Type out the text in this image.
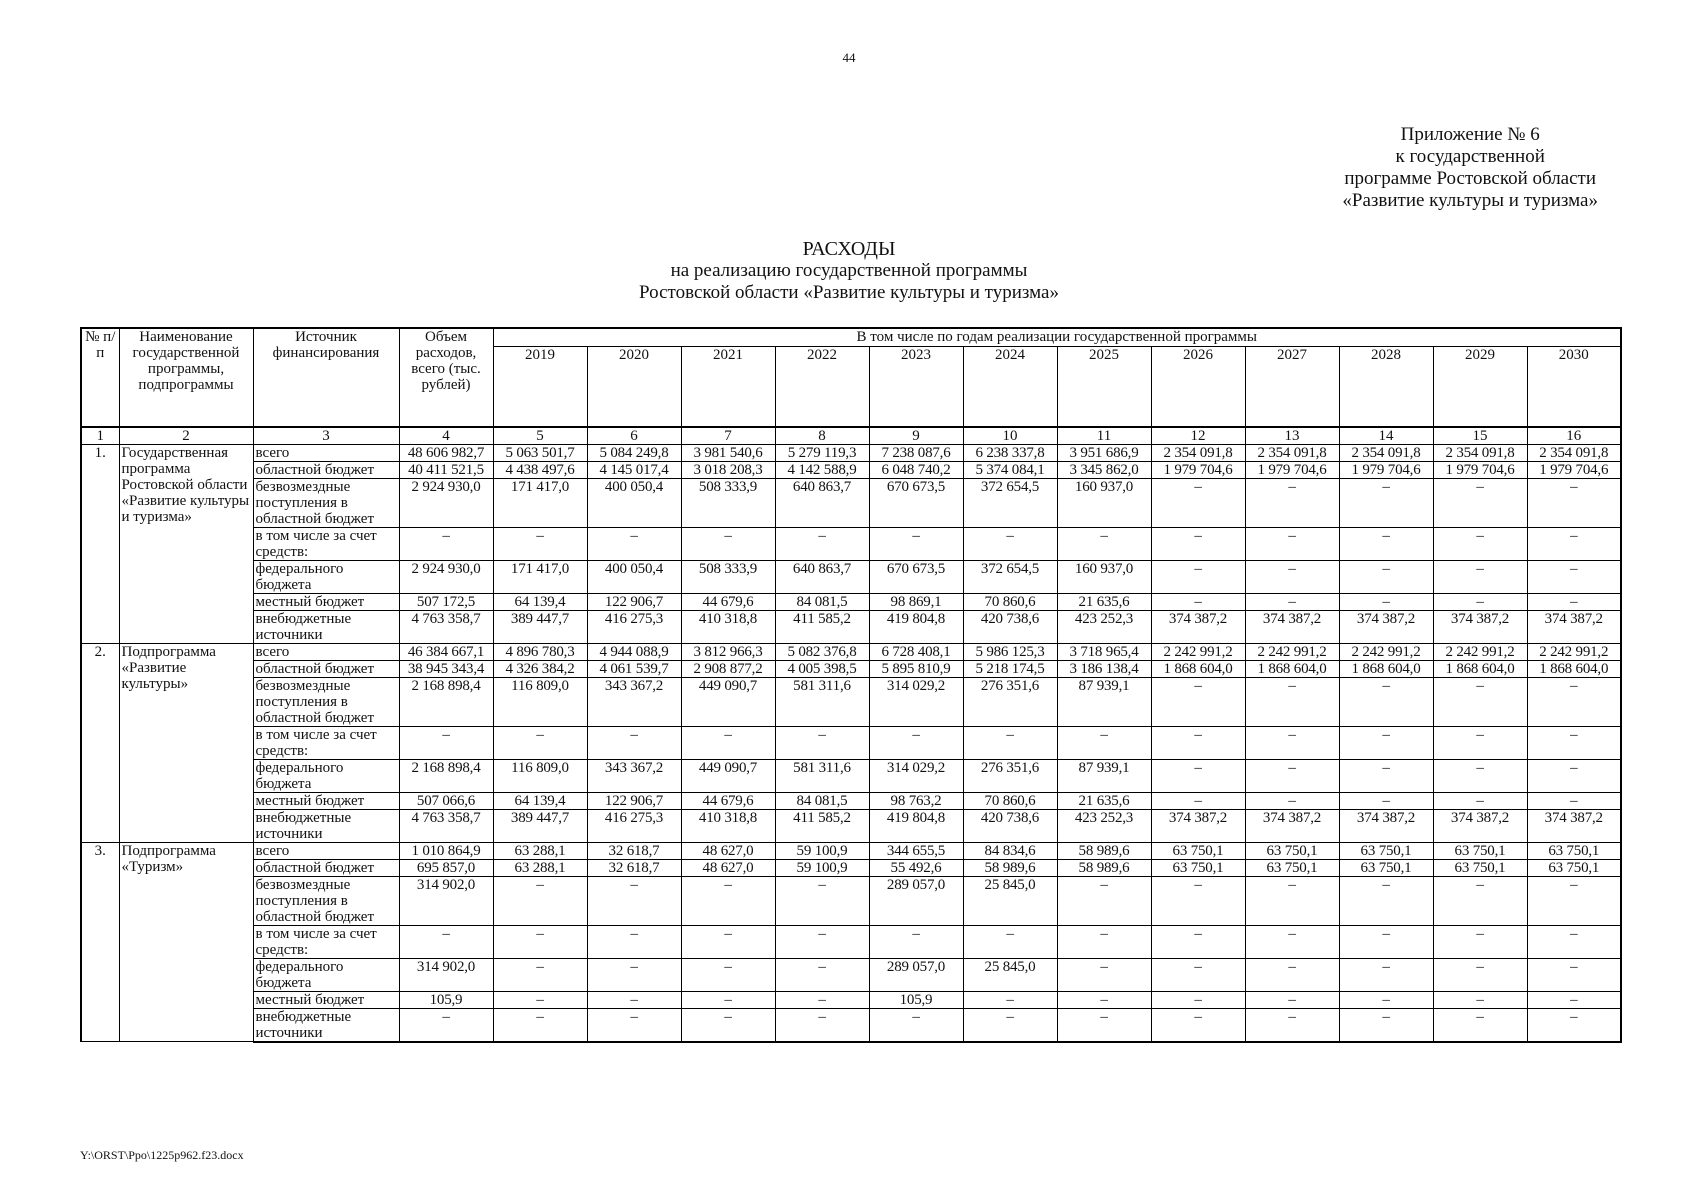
44
Приложение № 6
к государственной
программе Ростовской области
«Развитие культуры и туризма»
РАСХОДЫ
на реализацию государственной программы
Ростовской области «Развитие культуры и туризма»
№ п/п	Наименование государственной программы, подпрограммы	Источник финансирования	Объем расходов, всего (тыс. рублей)	В том числе по годам реализации государственной программы											
				2019	2020	2021	2022	2023	2024	2025	2026	2027	2028	2029	2030
1	2	3	4	5	6	7	8	9	10	11	12	13	14	15	16
1.	Государственная программа Ростовской области «Развитие культуры и туризма»	всего	48 606 982,7	5 063 501,7	5 084 249,8	3 981 540,6	5 279 119,3	7 238 087,6	6 238 337,8	3 951 686,9	2 354 091,8	2 354 091,8	2 354 091,8	2 354 091,8	2 354 091,8
		областной бюджет	40 411 521,5	4 438 497,6	4 145 017,4	3 018 208,3	4 142 588,9	6 048 740,2	5 374 084,1	3 345 862,0	1 979 704,6	1 979 704,6	1 979 704,6	1 979 704,6	1 979 704,6
		безвозмездные поступления в областной бюджет	2 924 930,0	171 417,0	400 050,4	508 333,9	640 863,7	670 673,5	372 654,5	160 937,0	–	–	–	–	–
		в том числе за счет средств:	–	–	–	–	–	–	–	–	–	–	–	–	–
		федерального бюджета	2 924 930,0	171 417,0	400 050,4	508 333,9	640 863,7	670 673,5	372 654,5	160 937,0	–	–	–	–	–
		местный бюджет	507 172,5	64 139,4	122 906,7	44 679,6	84 081,5	98 869,1	70 860,6	21 635,6	–	–	–	–	–
		внебюджетные источники	4 763 358,7	389 447,7	416 275,3	410 318,8	411 585,2	419 804,8	420 738,6	423 252,3	374 387,2	374 387,2	374 387,2	374 387,2	374 387,2
2.	Подпрограмма «Развитие культуры»	всего	46 384 667,1	4 896 780,3	4 944 088,9	3 812 966,3	5 082 376,8	6 728 408,1	5 986 125,3	3 718 965,4	2 242 991,2	2 242 991,2	2 242 991,2	2 242 991,2	2 242 991,2
		областной бюджет	38 945 343,4	4 326 384,2	4 061 539,7	2 908 877,2	4 005 398,5	5 895 810,9	5 218 174,5	3 186 138,4	1 868 604,0	1 868 604,0	1 868 604,0	1 868 604,0	1 868 604,0
		безвозмездные поступления в областной бюджет	2 168 898,4	116 809,0	343 367,2	449 090,7	581 311,6	314 029,2	276 351,6	87 939,1	–	–	–	–	–
		в том числе за счет средств:	–	–	–	–	–	–	–	–	–	–	–	–	–
		федерального бюджета	2 168 898,4	116 809,0	343 367,2	449 090,7	581 311,6	314 029,2	276 351,6	87 939,1	–	–	–	–	–
		местный бюджет	507 066,6	64 139,4	122 906,7	44 679,6	84 081,5	98 763,2	70 860,6	21 635,6	–	–	–	–	–
		внебюджетные источники	4 763 358,7	389 447,7	416 275,3	410 318,8	411 585,2	419 804,8	420 738,6	423 252,3	374 387,2	374 387,2	374 387,2	374 387,2	374 387,2
3.	Подпрограмма «Туризм»	всего	1 010 864,9	63 288,1	32 618,7	48 627,0	59 100,9	344 655,5	84 834,6	58 989,6	63 750,1	63 750,1	63 750,1	63 750,1	63 750,1
		областной бюджет	695 857,0	63 288,1	32 618,7	48 627,0	59 100,9	55 492,6	58 989,6	58 989,6	63 750,1	63 750,1	63 750,1	63 750,1	63 750,1
		безвозмездные поступления в областной бюджет	314 902,0	–	–	–	–	289 057,0	25 845,0	–	–	–	–	–	–
		в том числе за счет средств:	–	–	–	–	–	–	–	–	–	–	–	–	–
		федерального бюджета	314 902,0	–	–	–	–	289 057,0	25 845,0	–	–	–	–	–	–
		местный бюджет	105,9	–	–	–	–	105,9	–	–	–	–	–	–	–
		внебюджетные источники	–	–	–	–	–	–	–	–	–	–	–	–	–
Y:\ORST\Ppo\1225p962.f23.docx
